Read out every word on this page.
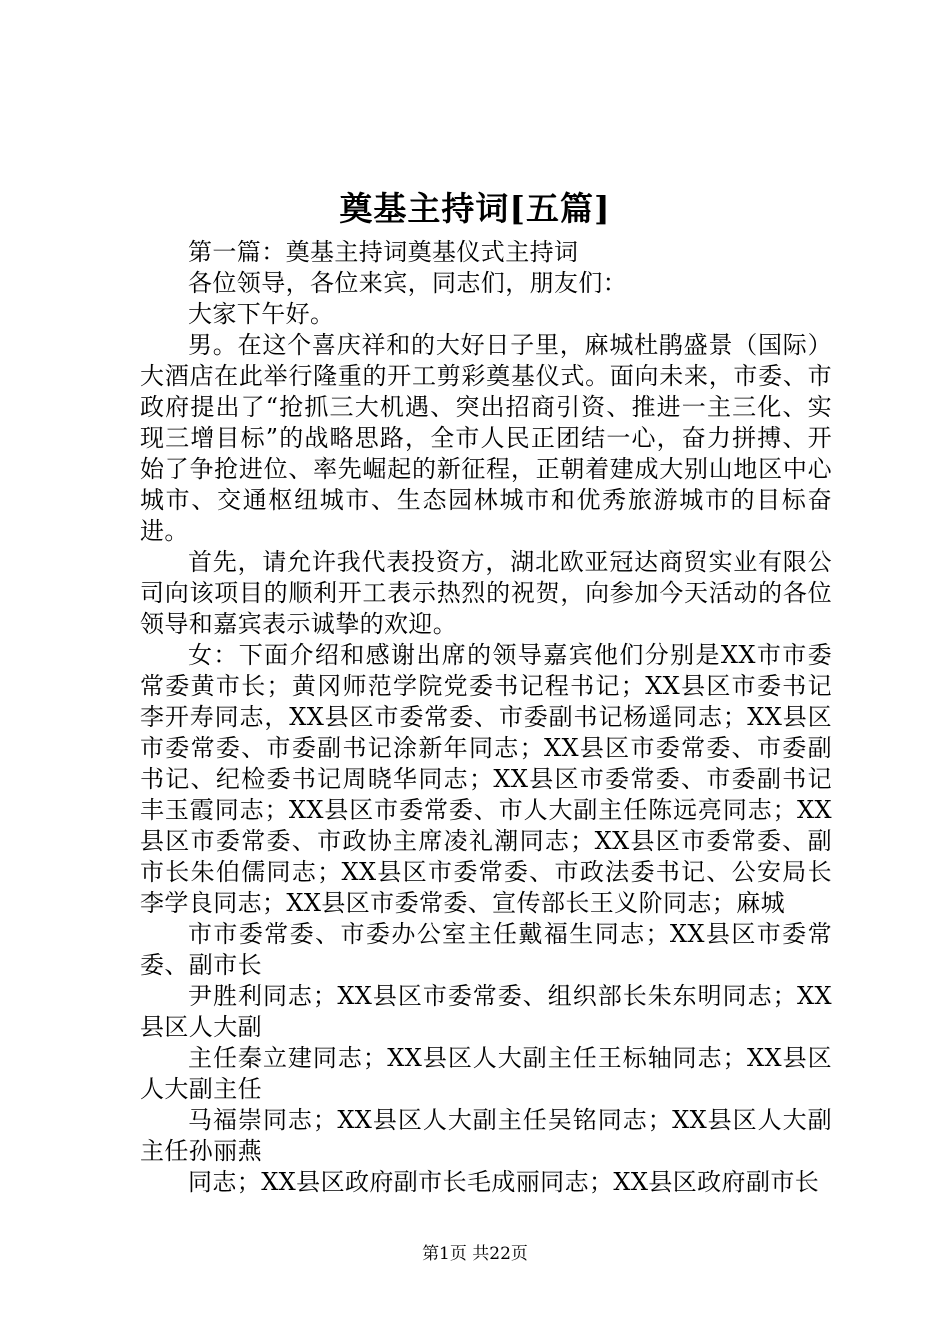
奠基主持词[五篇]

第一篇：奠基主持词奠基仪式主持词

各位领导，各位来宾，同志们，朋友们：

大家下午好。

男。在这个喜庆祥和的大好日子里，麻城杜鹃盛景（国际）大酒店在此举行隆重的开工剪彩奠基仪式。面向未来，市委、市政府提出了“抢抓三大机遇、突出招商引资、推进一主三化、实现三增目标”的战略思路，全市人民正团结一心，奋力拼搏、开始了争抢进位、率先崛起的新征程，正朝着建成大别山地区中心城市、交通枢纽城市、生态园林城市和优秀旅游城市的目标奋进。

首先，请允许我代表投资方，湖北欧亚冠达商贸实业有限公司向该项目的顺利开工表示热烈的祝贺，向参加今天活动的各位领导和嘉宾表示诚挚的欢迎。

女：下面介绍和感谢出席的领导嘉宾他们分别是XX市市委常委黄市长；黄冈师范学院党委书记程书记；XX县区市委书记李开寿同志，XX县区市委常委、市委副书记杨遥同志；XX县区市委常委、市委副书记涂新年同志；XX县区市委常委、市委副书记、纪检委书记周晓华同志；XX县区市委常委、市委副书记丰玉霞同志；XX县区市委常委、市人大副主任陈远亮同志；XX县区市委常委、市政协主席凌礼潮同志；XX县区市委常委、副市长朱伯儒同志；XX县区市委常委、市政法委书记、公安局长李学良同志；XX县区市委常委、宣传部长王义阶同志；麻城

市市委常委、市委办公室主任戴福生同志；XX县区市委常委、副市长

尹胜利同志；XX县区市委常委、组织部长朱东明同志；XX县区人大副

主任秦立建同志；XX县区人大副主任王标轴同志；XX县区人大副主任

马福崇同志；XX县区人大副主任吴铭同志；XX县区人大副主任孙丽燕

同志；XX县区政府副市长毛成丽同志；XX县区政府副市长

第1页 共22页
